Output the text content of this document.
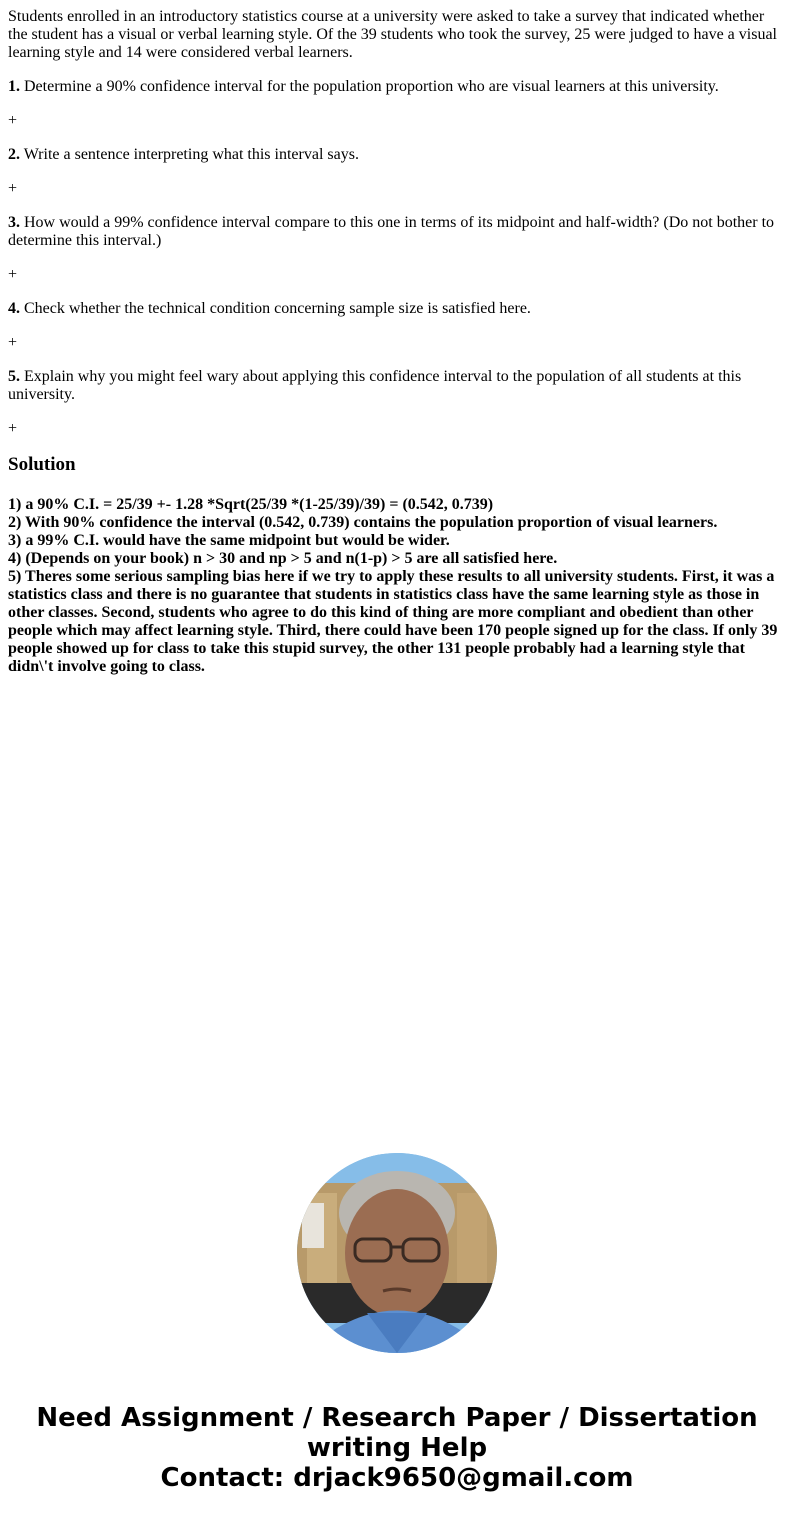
Students enrolled in an introductory statistics course at a university were asked to take a survey that indicated whether the student has a visual or verbal learning style. Of the 39 students who took the survey, 25 were judged to have a visual learning style and 14 were considered verbal learners.

1. Determine a 90% confidence interval for the population proportion who are visual learners at this university.

+

2. Write a sentence interpreting what this interval says.

+

3. How would a 99% confidence interval compare to this one in terms of its midpoint and half-width? (Do not bother to determine this interval.)

+

4. Check whether the technical condition concerning sample size is satisfied here.

+

5. Explain why you might feel wary about applying this confidence interval to the population of all students at this university.

+
Solution
1) a 90% C.I. = 25/39 +- 1.28 *Sqrt(25/39 *(1-25/39)/39) = (0.542, 0.739)
2) With 90% confidence the interval (0.542, 0.739) contains the population proportion of visual learners.
3) a 99% C.I. would have the same midpoint but would be wider.
4) (Depends on your book) n > 30 and np > 5 and n(1-p) > 5 are all satisfied here.
5) Theres some serious sampling bias here if we try to apply these results to all university students. First, it was a statistics class and there is no guarantee that students in statistics class have the same learning style as those in other classes. Second, students who agree to do this kind of thing are more compliant and obedient than other people which may affect learning style. Third, there could have been 170 people signed up for the class. If only 39 people showed up for class to take this stupid survey, the other 131 people probably had a learning style that didn\'t involve going to class.
Need Assignment / Research Paper / Dissertation writing Help
Contact: drjack9650@gmail.com
